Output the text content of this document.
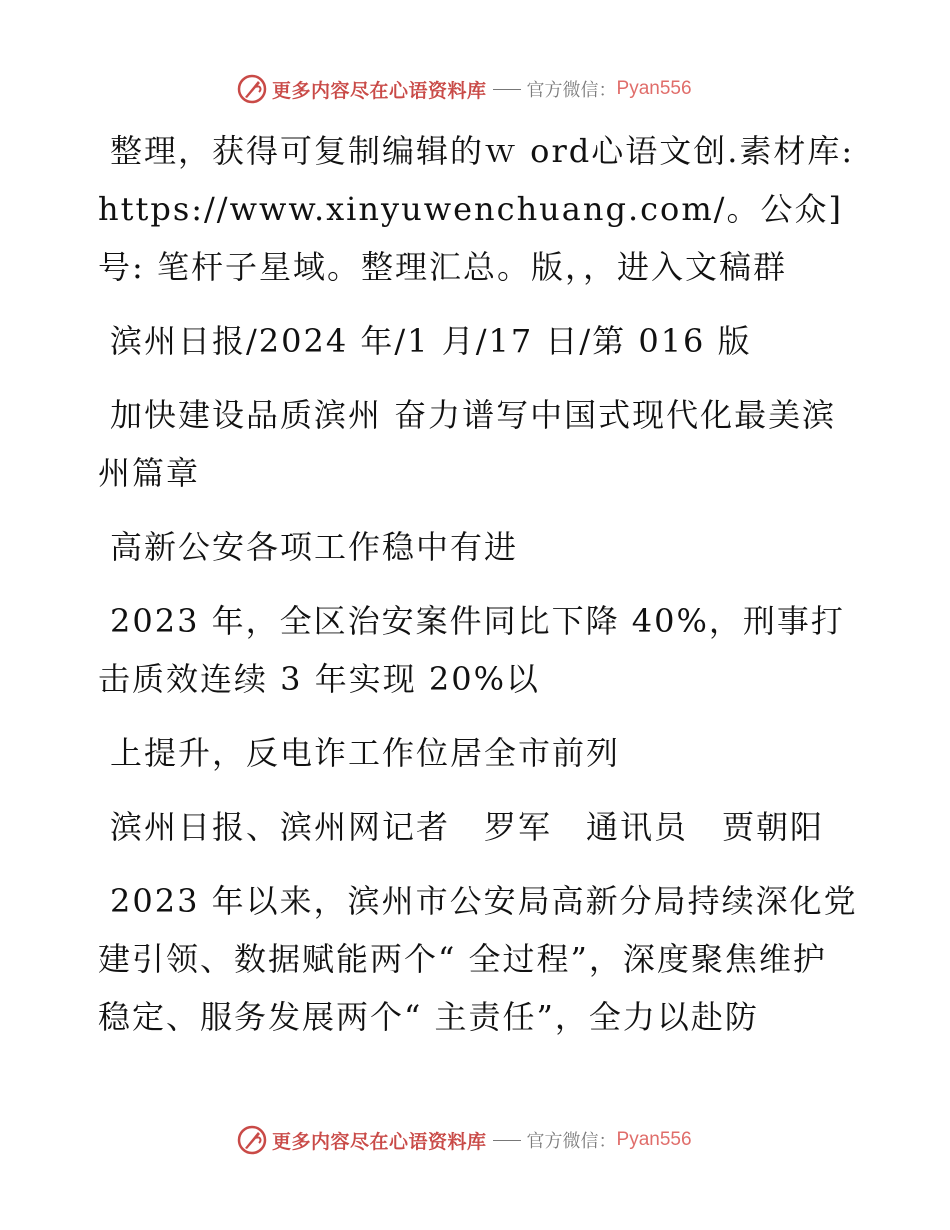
更多内容尽在心语资料库 官方微信： Pyan556

整理，获得可复制编辑的ｗ ord心语文创.素材库: https://www.xinyuwenchuang.com/。公众]号: 笔杆子星域。整理汇总。版，，进入文稿群

滨州日报/2024 年/1 月/17 日/第 016 版

加快建设品质滨州 奋力谱写中国式现代化最美滨州篇章

高新公安各项工作稳中有进

2023 年，全区治安案件同比下降 40%，刑事打击质效连续 3 年实现 20%以

上提升，反电诈工作位居全市前列

滨州日报、滨州网记者　罗军　通讯员　贾朝阳

2023 年以来，滨州市公安局高新分局持续深化党建引领、数据赋能两个“ 全过程”，深度聚焦维护稳定、服务发展两个“ 主责任”，全力以赴防

更多内容尽在心语资料库 官方微信： Pyan556
